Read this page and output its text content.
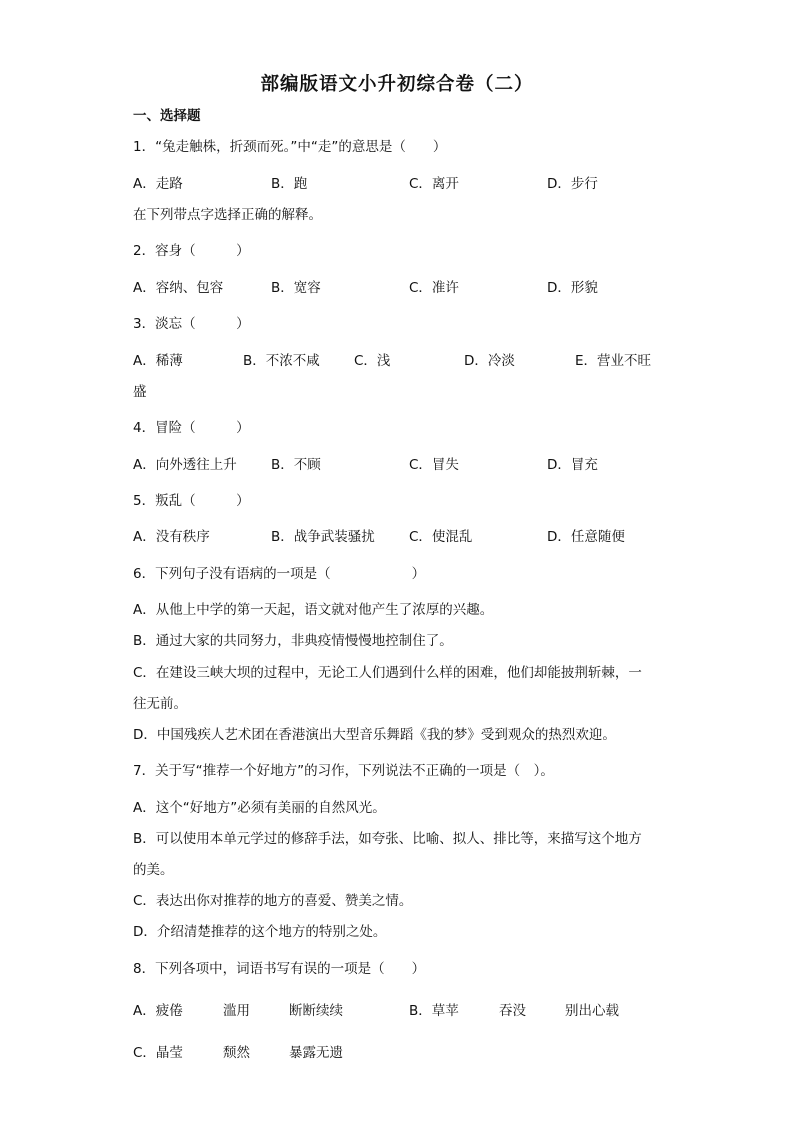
部编版语文小升初综合卷（二）
一、选择题
1．“兔走触株，折颈而死。”中“走”的意思是（　　）
A．走路	B．跑	C．离开	D．步行
在下列带点字选择正确的解释。
2．容身（　　　）
A．容纳、包容	B．宽容	C．准许	D．形貌
3．淡忘（　　　）
A．稀薄	B．不浓不咸	C．浅	D．冷淡	E．营业不旺
盛
4．冒险（　　　）
A．向外透往上升	B．不顾	C．冒失	D．冒充
5．叛乱（　　　）
A．没有秩序	B．战争武装骚扰	C．使混乱	D．任意随便
6．下列句子没有语病的一项是（　　　　　　）
A．从他上中学的第一天起，语文就对他产生了浓厚的兴趣。
B．通过大家的共同努力，非典疫情慢慢地控制住了。
C．在建设三峡大坝的过程中，无论工人们遇到什么样的困难，他们却能披荆斩棘，一
往无前。
D．中国残疾人艺术团在香港演出大型音乐舞蹈《我的梦》受到观众的热烈欢迎。
7．关于写“推荐一个好地方”的习作，下列说法不正确的一项是（　）。
A．这个“好地方”必须有美丽的自然风光。
B．可以使用本单元学过的修辞手法，如夸张、比喻、拟人、排比等，来描写这个地方
的美。
C．表达出你对推荐的地方的喜爱、赞美之情。
D．介绍清楚推荐的这个地方的特别之处。
8．下列各项中，词语书写有误的一项是（　　）
A．疲倦	滥用	断断续续	B．草苹	吞没	别出心载
C．晶莹	颓然	暴露无遗
